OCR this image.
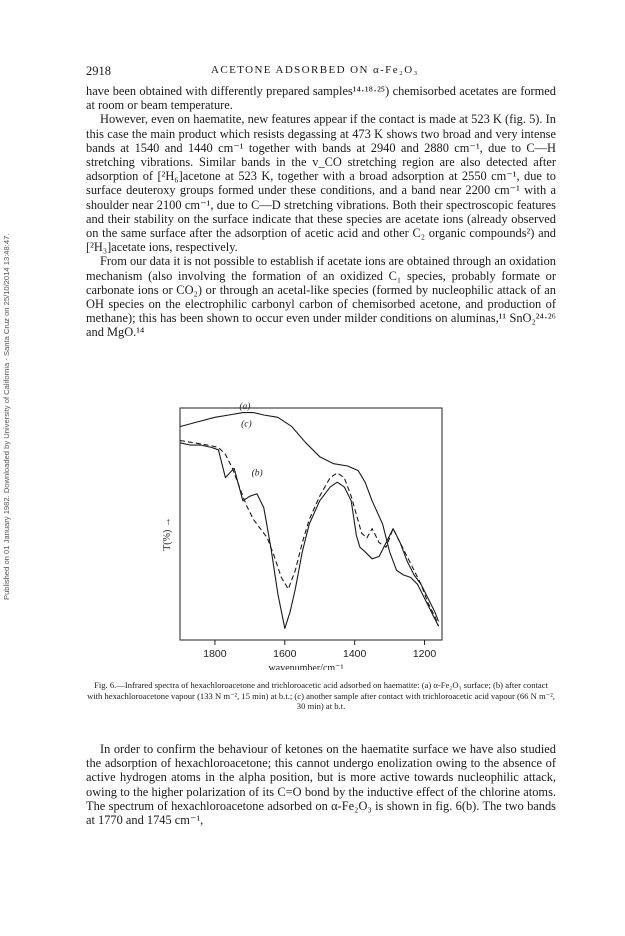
Published on 01 January 1982. Downloaded by University of California - Santa Cruz on 25/10/2014 13:48:47.
2918	ACETONE ADSORBED ON α-Fe₂O₃

have been obtained with differently prepared samples¹⁴·¹⁸·²⁵) chemisorbed acetates are formed at room or beam temperature.

However, even on haematite, new features appear if the contact is made at 523 K (fig. 5). In this case the main product which resists degassing at 473 K shows two broad and very intense bands at 1540 and 1440 cm⁻¹ together with bands at 2940 and 2880 cm⁻¹, due to C—H stretching vibrations. Similar bands in the v_CO stretching region are also detected after adsorption of [²H₆]acetone at 523 K, together with a broad adsorption at 2550 cm⁻¹, due to surface deuteroxy groups formed under these conditions, and a band near 2200 cm⁻¹ with a shoulder near 2100 cm⁻¹, due to C—D stretching vibrations. Both their spectroscopic features and their stability on the surface indicate that these species are acetate ions (already observed on the same surface after the adsorption of acetic acid and other C₂ organic compounds²) and [²H₃]acetate ions, respectively.

From our data it is not possible to establish if acetate ions are obtained through an oxidation mechanism (also involving the formation of an oxidized C₁ species, probably formate or carbonate ions or CO₂) or through an acetal-like species (formed by nucleophilic attack of an OH species on the electrophilic carbonyl carbon of chemisorbed acetone, and production of methane); this has been shown to occur even under milder conditions on aluminas,¹¹ SnO₂²⁴·²⁶ and MgO.¹⁴

1800	1600	1400	1200
wavenumber/cm⁻¹
T(%) →
(a)
(c)
(b)
Fig. 6.—Infrared spectra of hexachloroacetone and trichloroacetic acid adsorbed on haematite: (a) α-Fe₂O₃ surface; (b) after contact with hexachloroacetone vapour (133 N m⁻², 15 min) at b.t.; (c) another sample after contact with trichloroacetic acid vapour (66 N m⁻², 30 min) at b.t.

In order to confirm the behaviour of ketones on the haematite surface we have also studied the adsorption of hexachloroacetone; this cannot undergo enolization owing to the absence of active hydrogen atoms in the alpha position, but is more active towards nucleophilic attack, owing to the higher polarization of its C=O bond by the inductive effect of the chlorine atoms. The spectrum of hexachloroacetone adsorbed on α-Fe₂O₃ is shown in fig. 6(b). The two bands at 1770 and 1745 cm⁻¹,
